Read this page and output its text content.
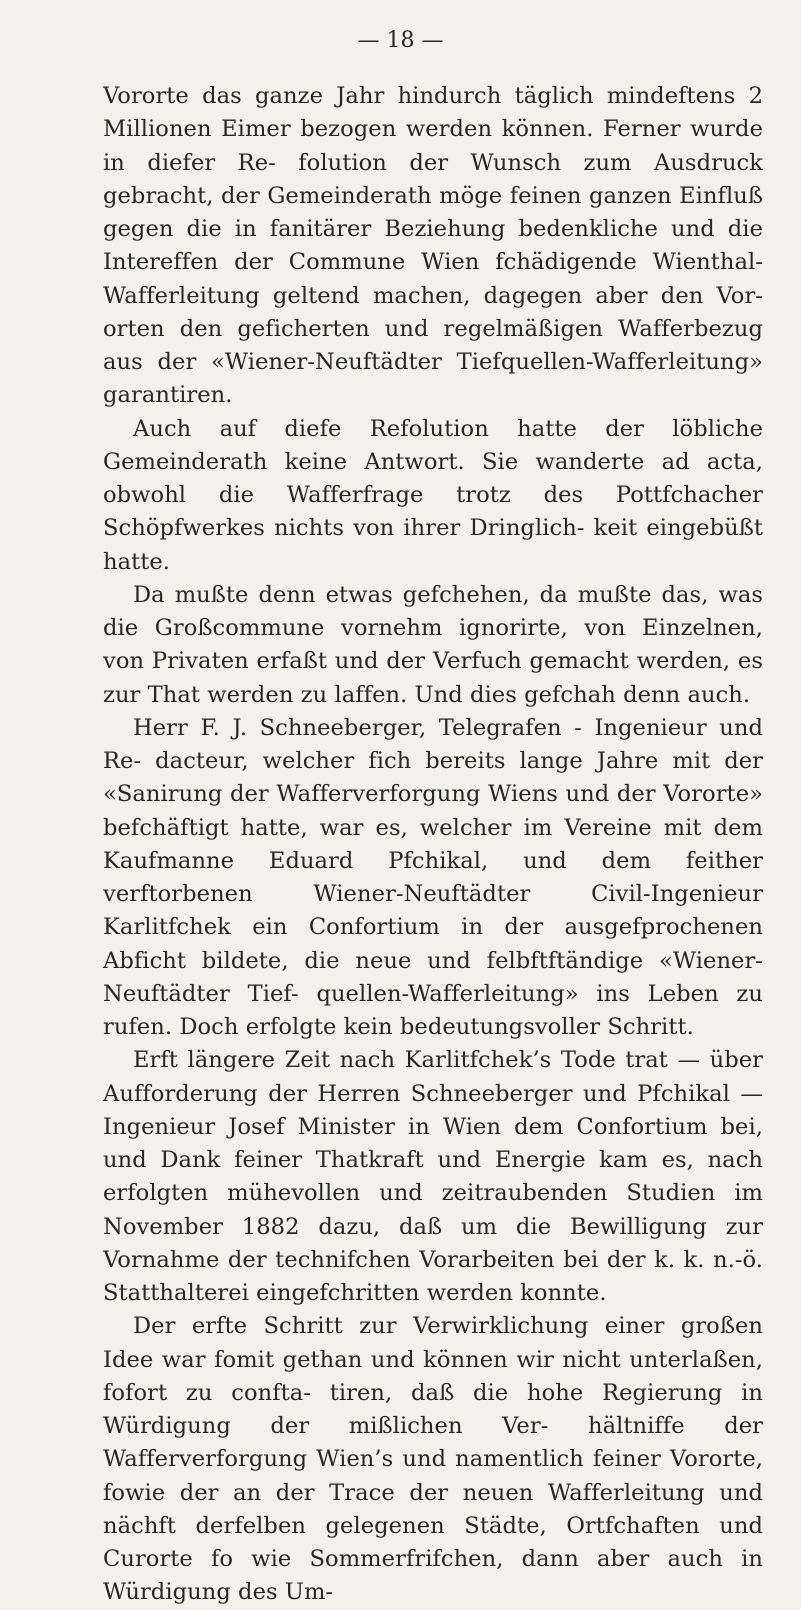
— 18 —

Vororte das ganze Jahr hindurch täglich mindeftens 2 Millionen Eimer bezogen werden können. Ferner wurde in diefer Re- folution der Wunsch zum Ausdruck gebracht, der Gemeinderath möge feinen ganzen Einfluß gegen die in fanitärer Beziehung bedenkliche und die Intereffen der Commune Wien fchädigende Wienthal-Wafferleitung geltend machen, dagegen aber den Vor- orten den geficherten und regelmäßigen Wafferbezug aus der «Wiener-Neuftädter Tiefquellen-Wafferleitung» garantiren.

Auch auf diefe Refolution hatte der löbliche Gemeinderath keine Antwort. Sie wanderte ad acta, obwohl die Wafferfrage trotz des Pottfchacher Schöpfwerkes nichts von ihrer Dringlich- keit eingebüßt hatte.

Da mußte denn etwas gefchehen, da mußte das, was die Großcommune vornehm ignorirte, von Einzelnen, von Privaten erfaßt und der Verfuch gemacht werden, es zur That werden zu laffen. Und dies gefchah denn auch.

Herr F. J. Schneeberger, Telegrafen - Ingenieur und Re- dacteur, welcher fich bereits lange Jahre mit der «Sanirung der Wafferverforgung Wiens und der Vororte» befchäftigt hatte, war es, welcher im Vereine mit dem Kaufmanne Eduard Pfchikal, und dem feither verftorbenen Wiener-Neuftädter Civil-Ingenieur Karlitfchek ein Confortium in der ausgefprochenen Abficht bildete, die neue und felbftftändige «Wiener- Neuftädter Tief- quellen-Wafferleitung» ins Leben zu rufen. Doch erfolgte kein bedeutungsvoller Schritt.

Erft längere Zeit nach Karlitfchek’s Tode trat — über Aufforderung der Herren Schneeberger und Pfchikal — Ingenieur Josef Minister in Wien dem Confortium bei, und Dank feiner Thatkraft und Energie kam es, nach erfolgten mühevollen und zeitraubenden Studien im November 1882 dazu, daß um die Bewilligung zur Vornahme der technifchen Vorarbeiten bei der k. k. n.-ö. Statthalterei eingefchritten werden konnte.

Der erfte Schritt zur Verwirklichung einer großen Idee war fomit gethan und können wir nicht unterlaßen, fofort zu confta- tiren, daß die hohe Regierung in Würdigung der mißlichen Ver- hältniffe der Wafferverforgung Wien’s und namentlich feiner Vororte, fowie der an der Trace der neuen Wafferleitung und nächft derfelben gelegenen Städte, Ortfchaften und Curorte fo wie Sommerfrifchen, dann aber auch in Würdigung des Um-
